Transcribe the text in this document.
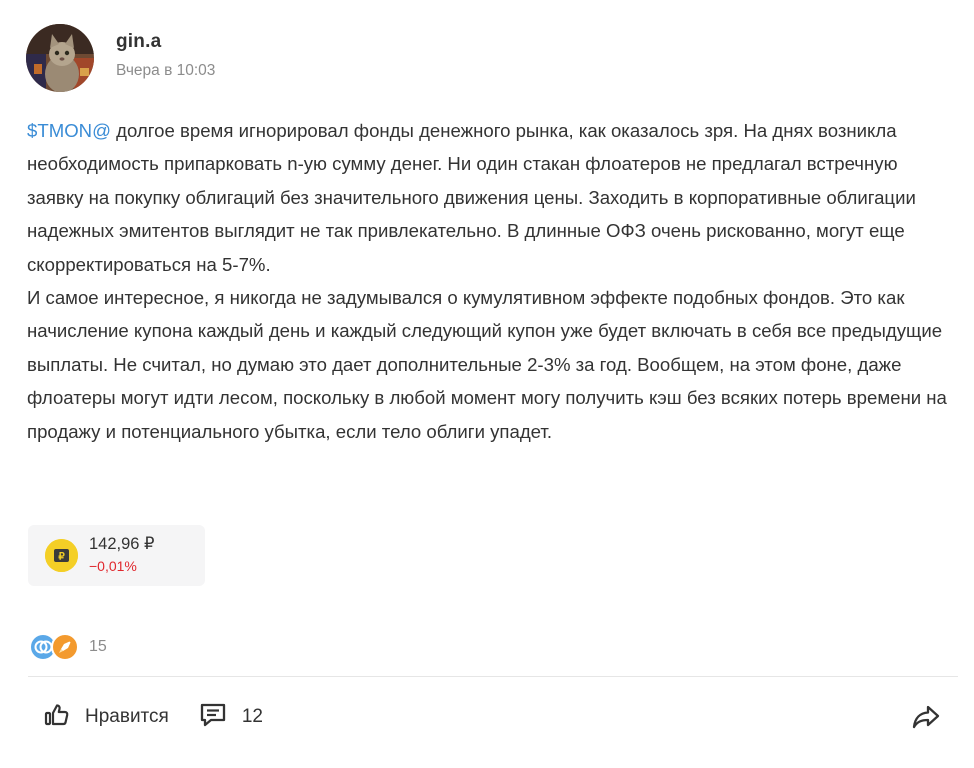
gin.a
Вчера в 10:03

$TMON@ долгое время игнорировал фонды денежного рынка, как оказалось зря. На днях возникла необходимость припарковать n-ую сумму денег. Ни один стакан флоатеров не предлагал встречную заявку на покупку облигаций без значительного движения цены. Заходить в корпоративные облигации надежных эмитентов выглядит не так привлекательно. В длинные ОФЗ очень рискованно, могут еще скорректироваться на 5-7%.

И самое интересное, я никогда не задумывался о кумулятивном эффекте подобных фондов. Это как начисление купона каждый день и каждый следующий купон уже будет включать в себя все предыдущие выплаты. Не считал, но думаю это дает дополнительные 2-3% за год. Вообщем, на этом фоне, даже флоатеры могут идти лесом, поскольку в любой момент могу получить кэш без всяких потерь времени на продажу и потенциального убытка, если тело облиги упадет.

₽
142,96 ₽
−0,01%
15
Нравится	12
